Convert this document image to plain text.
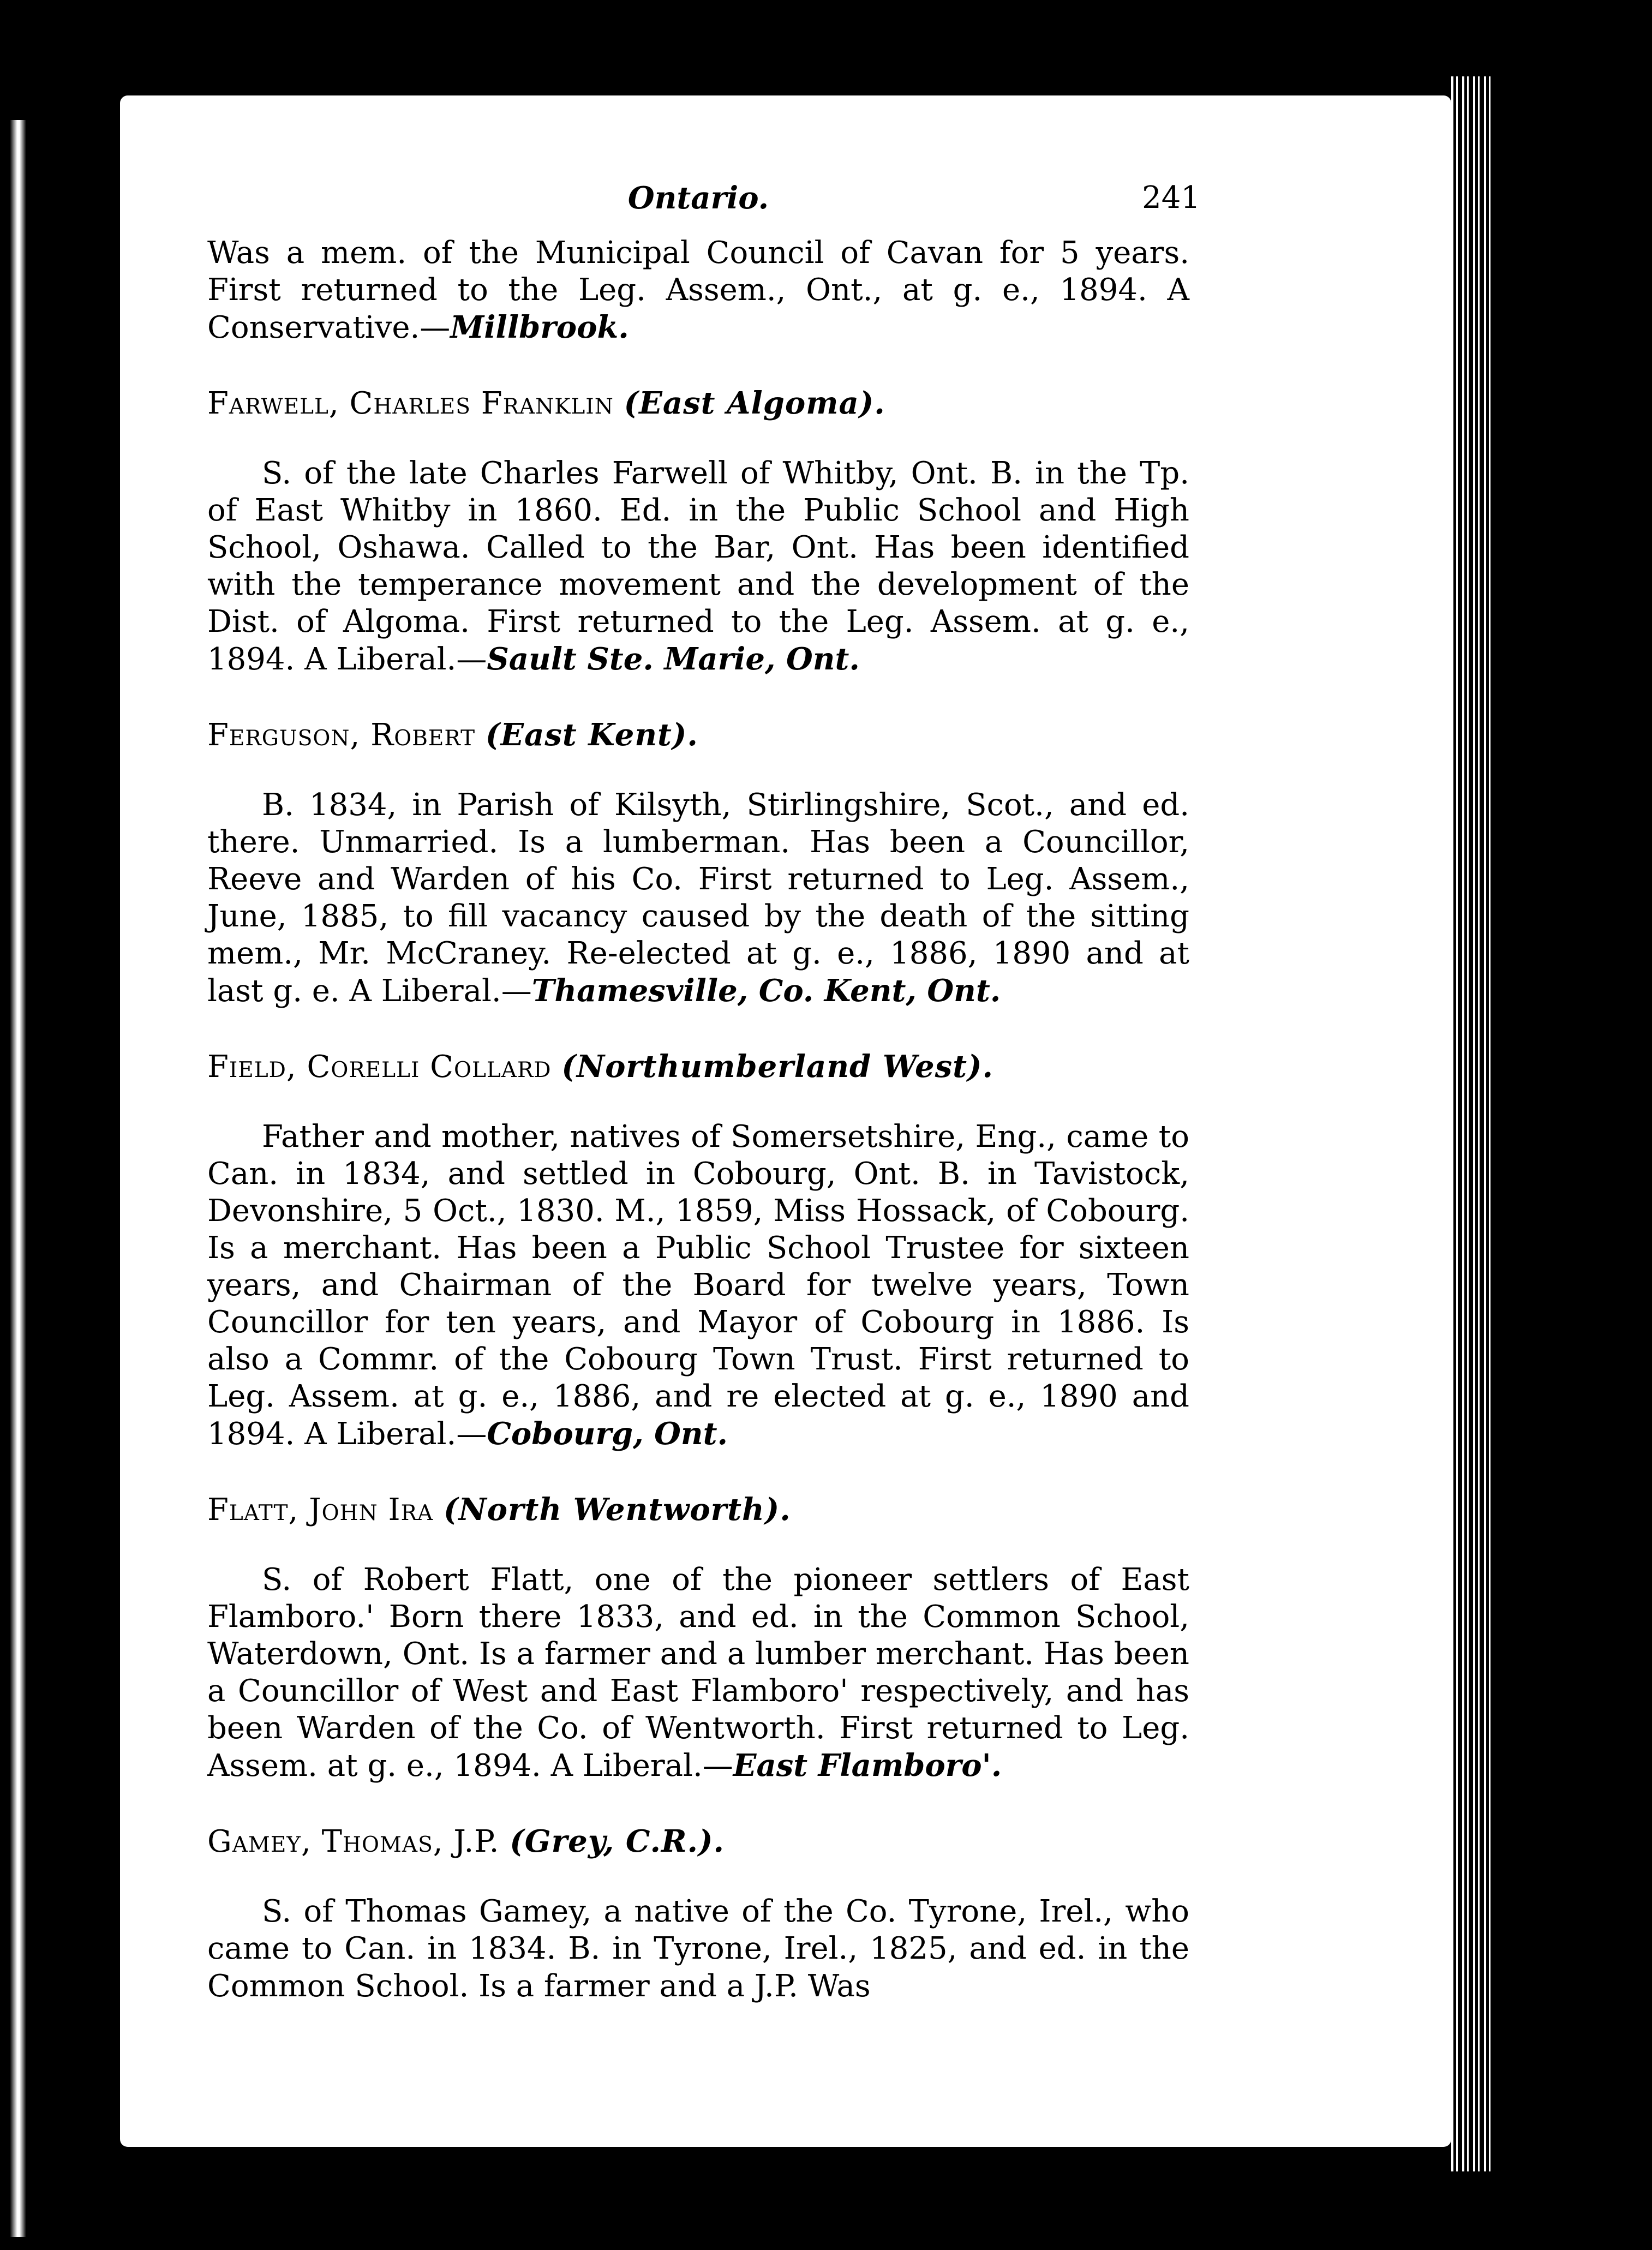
Ontario.	241

Was a mem. of the Municipal Council of Cavan for 5 years. First returned to the Leg. Assem., Ont., at g. e., 1894. A Conservative.—Millbrook.

Farwell, Charles Franklin (East Algoma).

S. of the late Charles Farwell of Whitby, Ont. B. in the Tp. of East Whitby in 1860. Ed. in the Public School and High School, Oshawa. Called to the Bar, Ont. Has been identified with the temperance movement and the development of the Dist. of Algoma. First returned to the Leg. Assem. at g. e., 1894. A Liberal.—Sault Ste. Marie, Ont.

Ferguson, Robert (East Kent).

B. 1834, in Parish of Kilsyth, Stirlingshire, Scot., and ed. there. Unmarried. Is a lumberman. Has been a Councillor, Reeve and Warden of his Co. First returned to Leg. Assem., June, 1885, to fill vacancy caused by the death of the sitting mem., Mr. McCraney. Re-elected at g. e., 1886, 1890 and at last g. e. A Liberal.—Thamesville, Co. Kent, Ont.

Field, Corelli Collard (Northumberland West).

Father and mother, natives of Somersetshire, Eng., came to Can. in 1834, and settled in Cobourg, Ont. B. in Tavistock, Devonshire, 5 Oct., 1830. M., 1859, Miss Hossack, of Cobourg. Is a merchant. Has been a Public School Trustee for sixteen years, and Chairman of the Board for twelve years, Town Councillor for ten years, and Mayor of Cobourg in 1886. Is also a Commr. of the Cobourg Town Trust. First returned to Leg. Assem. at g. e., 1886, and re elected at g. e., 1890 and 1894. A Liberal.—Cobourg, Ont.

Flatt, John Ira (North Wentworth).

S. of Robert Flatt, one of the pioneer settlers of East Flamboro.' Born there 1833, and ed. in the Common School, Waterdown, Ont. Is a farmer and a lumber merchant. Has been a Councillor of West and East Flamboro' respectively, and has been Warden of the Co. of Wentworth. First returned to Leg. Assem. at g. e., 1894. A Liberal.—East Flamboro'.

Gamey, Thomas, J.P. (Grey, C.R.).

S. of Thomas Gamey, a native of the Co. Tyrone, Irel., who came to Can. in 1834. B. in Tyrone, Irel., 1825, and ed. in the Common School. Is a farmer and a J.P. Was
